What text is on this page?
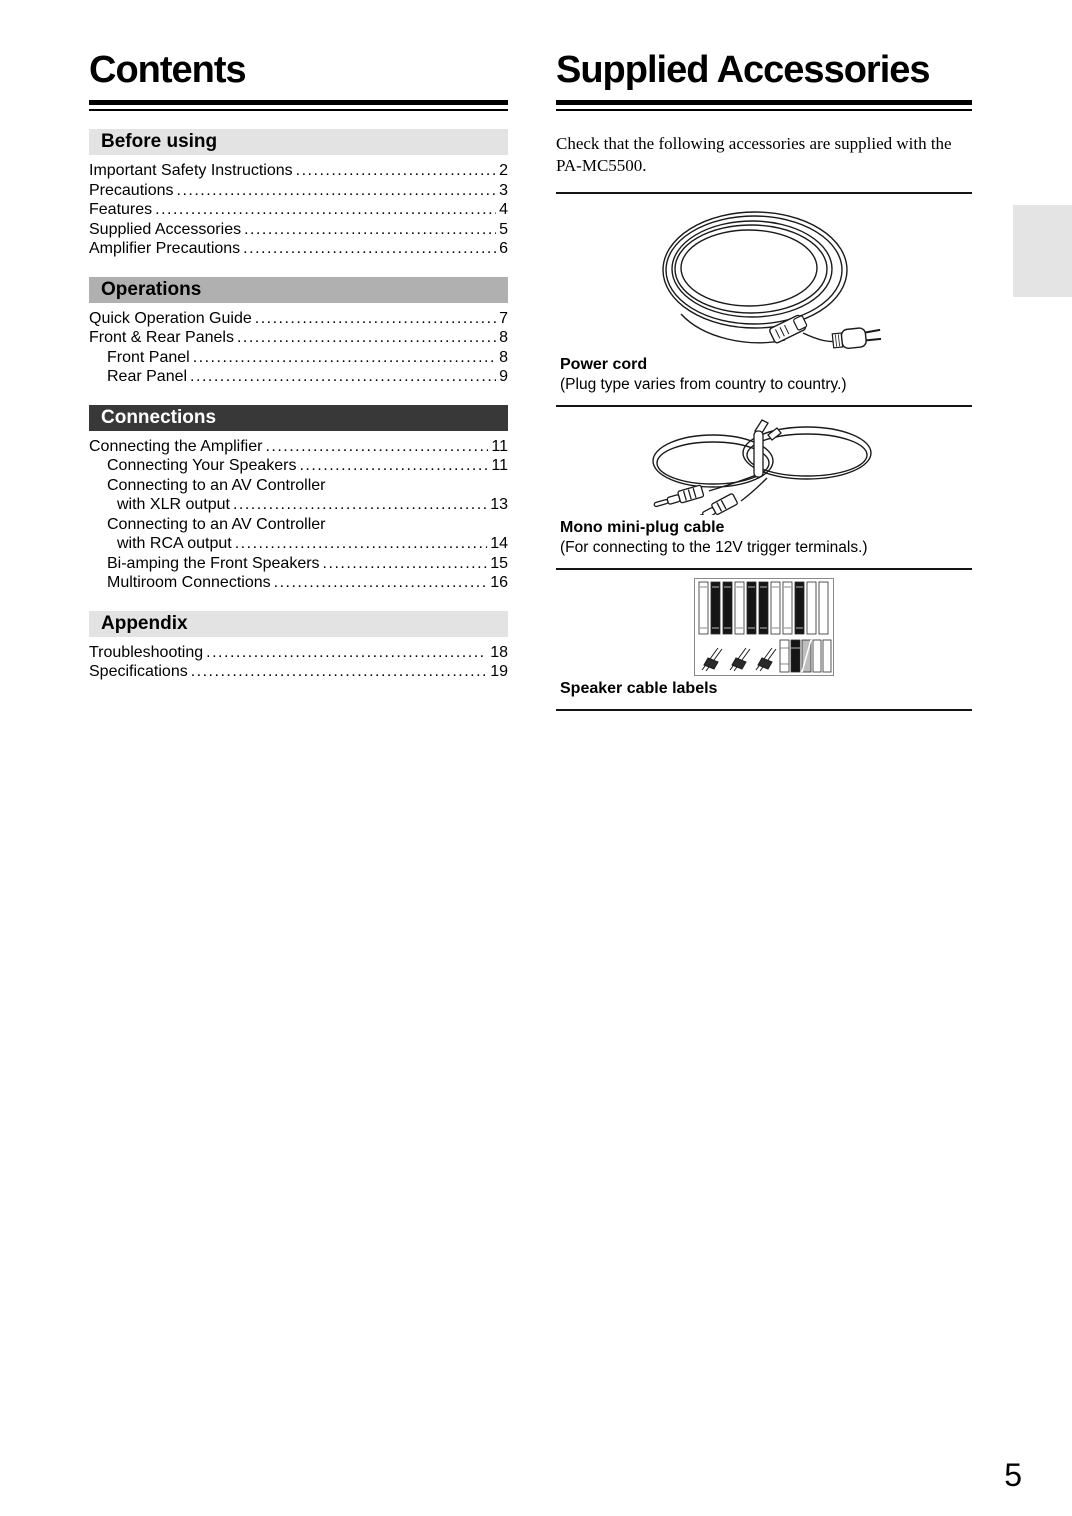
Contents
Before using
Important Safety Instructions .....	2
Precautions .....	3
Features .....	4
Supplied Accessories .....	5
Amplifier Precautions .....	6
Operations
Quick Operation Guide .....	7
Front & Rear Panels .....	8
Front Panel .....	8
Rear Panel .....	9
Connections
Connecting the Amplifier .....	11
Connecting Your Speakers .....	11
Connecting to an AV Controller
with XLR output .....	13
Connecting to an AV Controller
with RCA output .....	14
Bi-amping the Front Speakers .....	15
Multiroom Connections .....	16
Appendix
Troubleshooting .....	18
Specifications .....	19
Supplied Accessories

Check that the following accessories are supplied with the PA-MC5500.

Power cord
(Plug type varies from country to country.)
Mono mini-plug cable
(For connecting to the 12V trigger terminals.)
Speaker cable labels
5
